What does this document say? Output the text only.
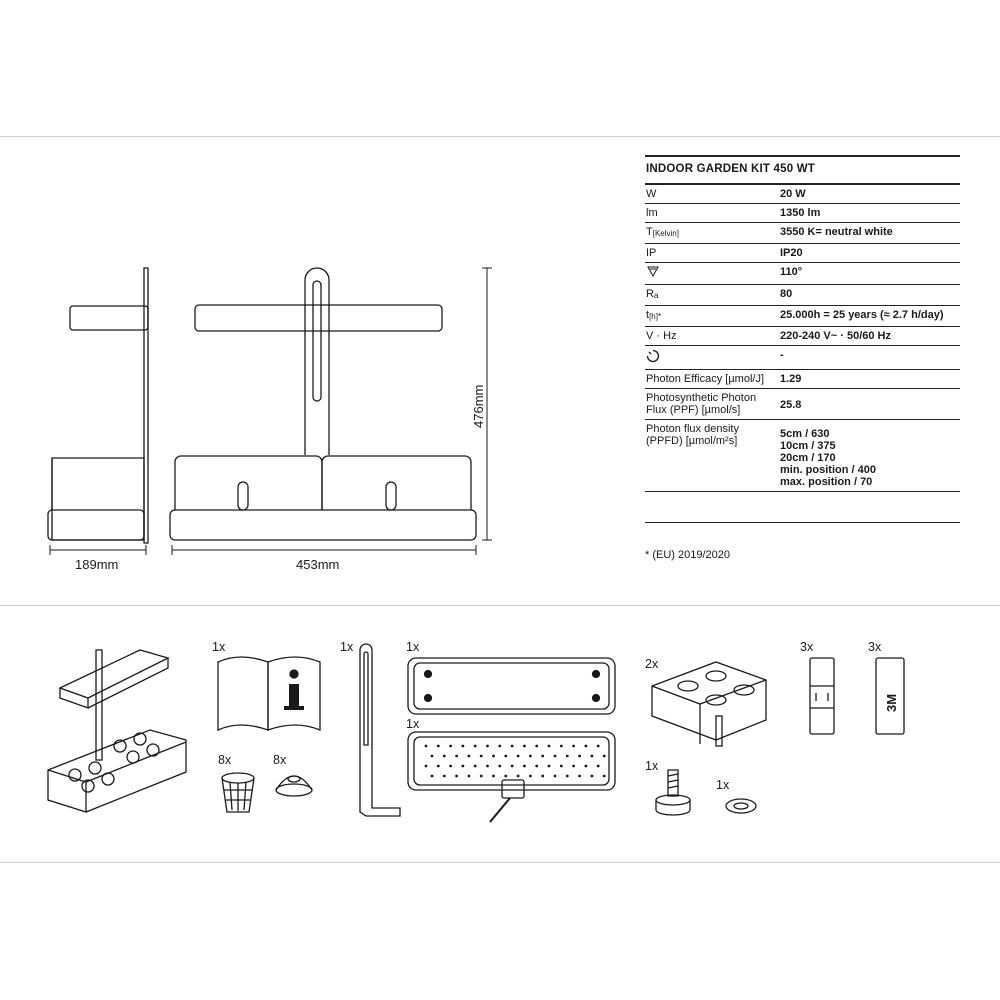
189mm	453mm
476mm
INDOOR GARDEN KIT 450 WT
W	20 W
lm	1350 lm
T[Kelvin]	3550 K= neutral white
IP	IP20
	110°
Ra	80
t[h]*	25.000h = 25 years (≈ 2.7 h/day)
V · Hz	220-240 V~ · 50/60 Hz
	-
Photon Efficacy [µmol/J]	1.29
Photosynthetic Photon Flux (PPF) [µmol/s]	25.8
Photon flux density (PPFD) [µmol/m²s]	5cm / 630
10cm / 375
20cm / 170
min. position / 400
max. position / 70
* (EU) 2019/2020
3M
1x
8x	8x
1x	1x
1x
2x
1x
1x
3x	3x
